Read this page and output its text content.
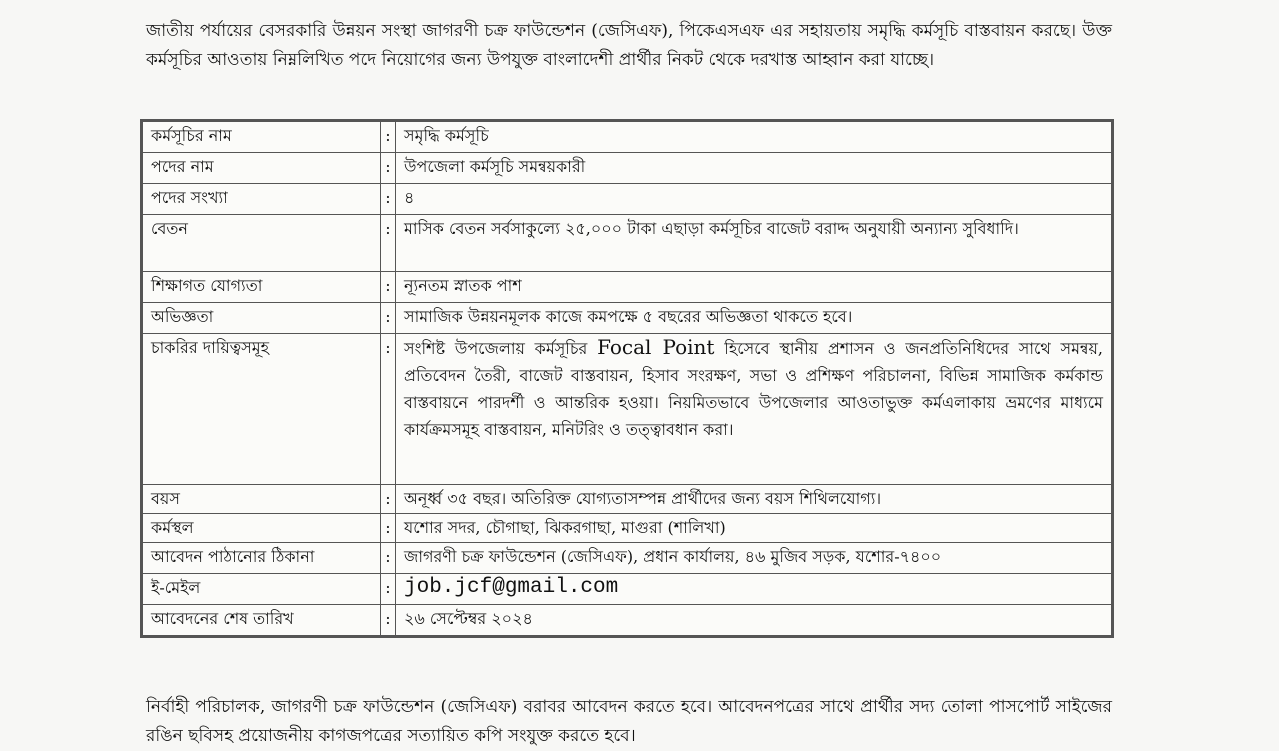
জাতীয় পর্যায়ের বেসরকারি উন্নয়ন সংস্থা জাগরণী চক্র ফাউন্ডেশন (জেসিএফ), পিকেএসএফ এর সহায়তায় সমৃদ্ধি কর্মসূচি বাস্তবায়ন করছে। উক্ত কর্মসূচির আওতায় নিম্নলিখিত পদে নিয়োগের জন্য উপযুক্ত বাংলাদেশী প্রার্থীর নিকট থেকে দরখাস্ত আহ্বান করা যাচ্ছে।

কর্মসূচির নাম	:	সমৃদ্ধি কর্মসূচি
পদের নাম	:	উপজেলা কর্মসূচি সমন্বয়কারী
পদের সংখ্যা	:	৪
বেতন	:	মাসিক বেতন সর্বসাকুল্যে ২৫,০০০ টাকা এছাড়া কর্মসূচির বাজেট বরাদ্দ অনুযায়ী অন্যান্য সুবিধাদি।
শিক্ষাগত যোগ্যতা	:	ন্যূনতম স্নাতক পাশ
অভিজ্ঞতা	:	সামাজিক উন্নয়নমূলক কাজে কমপক্ষে ৫ বছরের অভিজ্ঞতা থাকতে হবে।
চাকরির দায়িত্বসমূহ	:	সংশিষ্ট উপজেলায় কর্মসূচির Focal Point হিসেবে স্থানীয় প্রশাসন ও জনপ্রতিনিধিদের সাথে সমন্বয়, প্রতিবেদন তৈরী, বাজেট বাস্তবায়ন, হিসাব সংরক্ষণ, সভা ও প্রশিক্ষণ পরিচালনা, বিভিন্ন সামাজিক কর্মকান্ড বাস্তবায়নে পারদর্শী ও আন্তরিক হওয়া। নিয়মিতভাবে উপজেলার আওতাভুক্ত কর্মএলাকায় ভ্রমণের মাধ্যমে কার্যক্রমসমূহ বাস্তবায়ন, মনিটরিং ও তত্ত্বাবধান করা।
বয়স	:	অনূর্ধ্ব ৩৫ বছর। অতিরিক্ত যোগ্যতাসম্পন্ন প্রার্থীদের জন্য বয়স শিথিলযোগ্য।
কর্মস্থল	:	যশোর সদর, চৌগাছা, ঝিকরগাছা, মাগুরা (শালিখা)
আবেদন পাঠানোর ঠিকানা	:	জাগরণী চক্র ফাউন্ডেশন (জেসিএফ), প্রধান কার্যালয়, ৪৬ মুজিব সড়ক, যশোর-৭৪০০
ই-মেইল	:	job.jcf@gmail.com
আবেদনের শেষ তারিখ	:	২৬ সেপ্টেম্বর ২০২৪

নির্বাহী পরিচালক, জাগরণী চক্র ফাউন্ডেশন (জেসিএফ) বরাবর আবেদন করতে হবে। আবেদনপত্রের সাথে প্রার্থীর সদ্য তোলা পাসপোর্ট সাইজের রঙিন ছবিসহ প্রয়োজনীয় কাগজপত্রের সত্যায়িত কপি সংযুক্ত করতে হবে।
